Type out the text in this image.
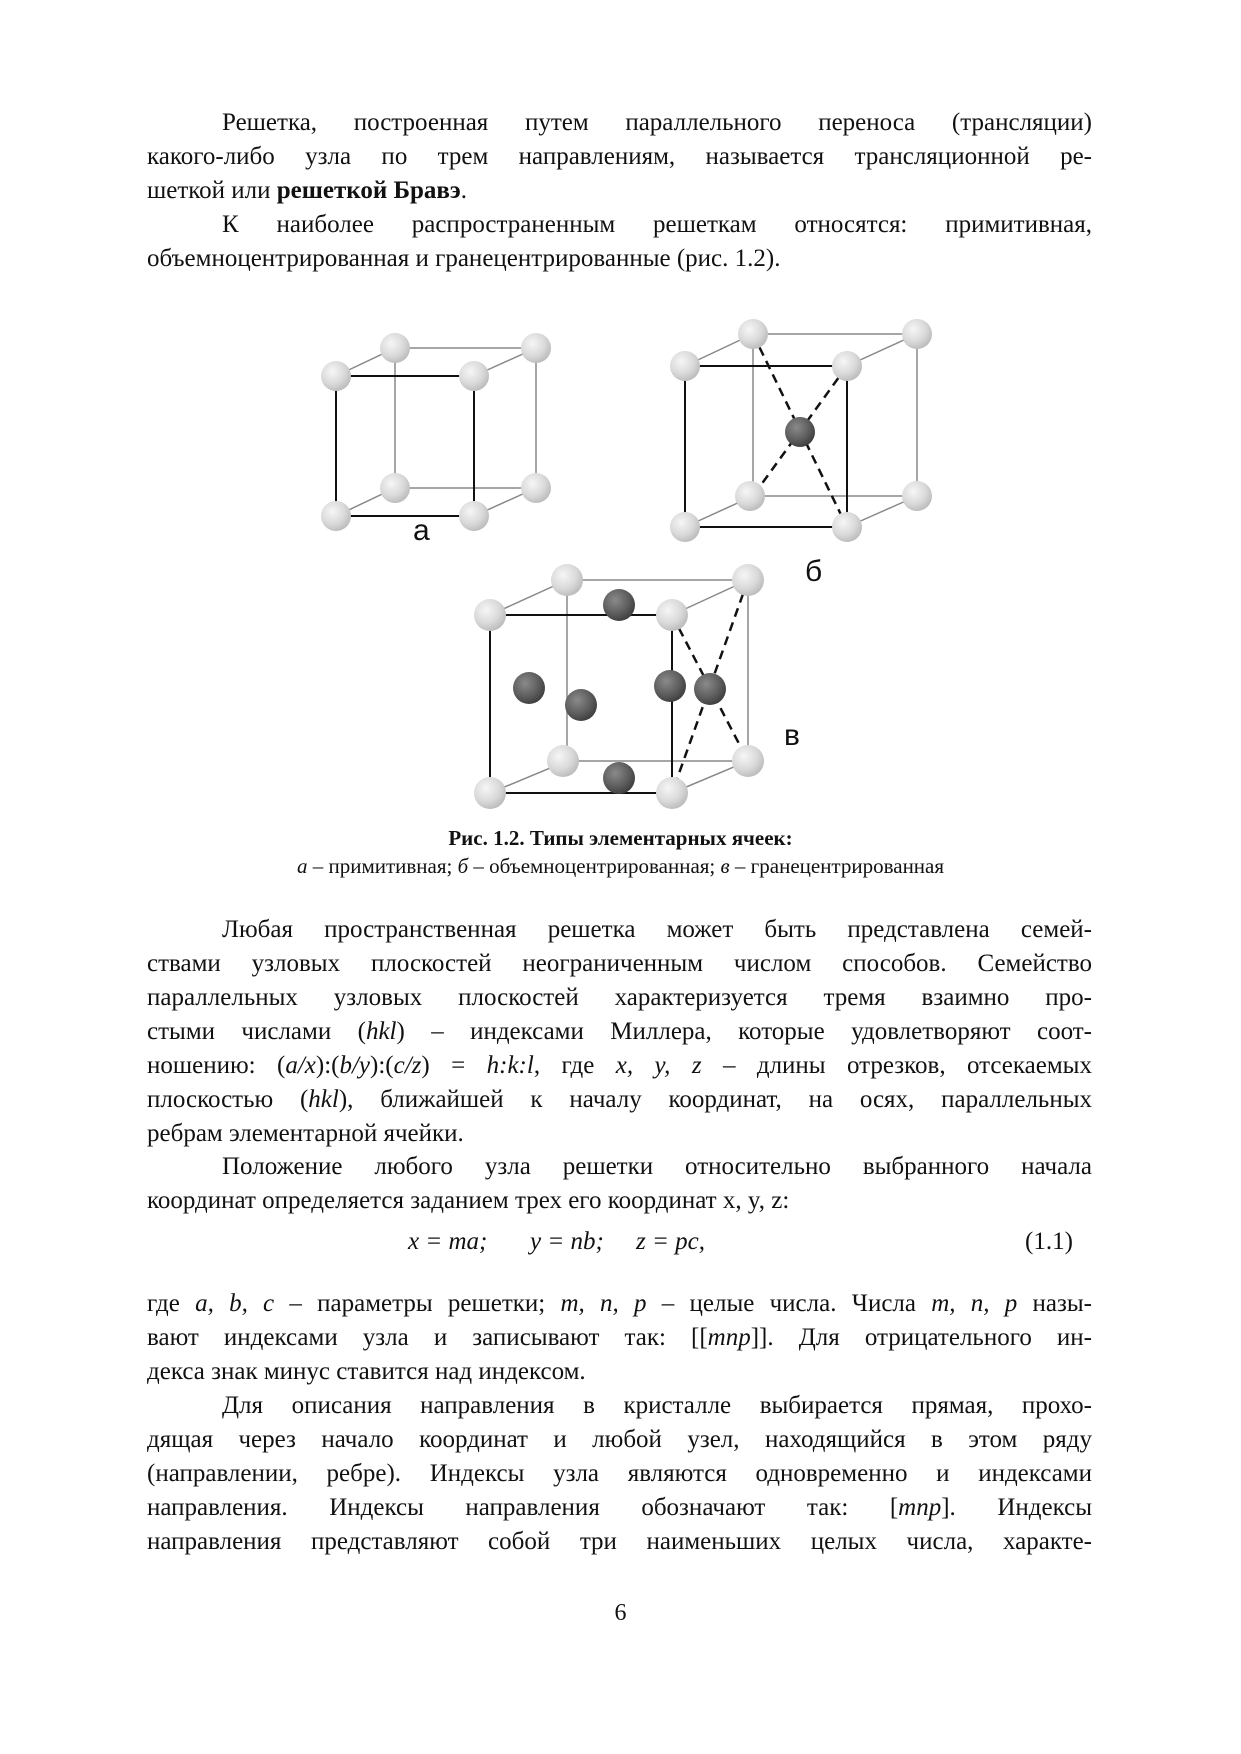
Решетка, построенная путем параллельного переноса (трансляции)
какого-либо узла по трем направлениям, называется трансляционной ре-
шеткой или решеткой Бравэ.
К наиболее распространенным решеткам относятся: примитивная,
объемноцентрированная и гранецентрированные (рис. 1.2).
а
б
в
Рис. 1.2. Типы элементарных ячеек:
а – примитивная; б – объемноцентрированная; в – гранецентрированная
Любая пространственная решетка может быть представлена семей-
ствами узловых плоскостей неограниченным числом способов. Семейство
параллельных узловых плоскостей характеризуется тремя взаимно про-
стыми числами (hkl) – индексами Миллера, которые удовлетворяют соот-
ношению: (a/x):(b/y):(c/z) = h:k:l, где x, y, z – длины отрезков, отсекаемых
плоскостью (hkl), ближайшей к началу координат, на осях, параллельных
ребрам элементарной ячейки.
Положение любого узла решетки относительно выбранного начала
координат определяется заданием трех его координат x, y, z:
x = ma; y = nb; z = pc,	(1.1)
где a, b, c – параметры решетки; m, n, p – целые числа. Числа m, n, p назы-
вают индексами узла и записывают так: [[mnp]]. Для отрицательного ин-
декса знак минус ставится над индексом.
Для описания направления в кристалле выбирается прямая, прохо-
дящая через начало координат и любой узел, находящийся в этом ряду
(направлении, ребре). Индексы узла являются одновременно и индексами
направления. Индексы направления обозначают так: [mnp]. Индексы
направления представляют собой три наименьших целых числа, характе-
6
